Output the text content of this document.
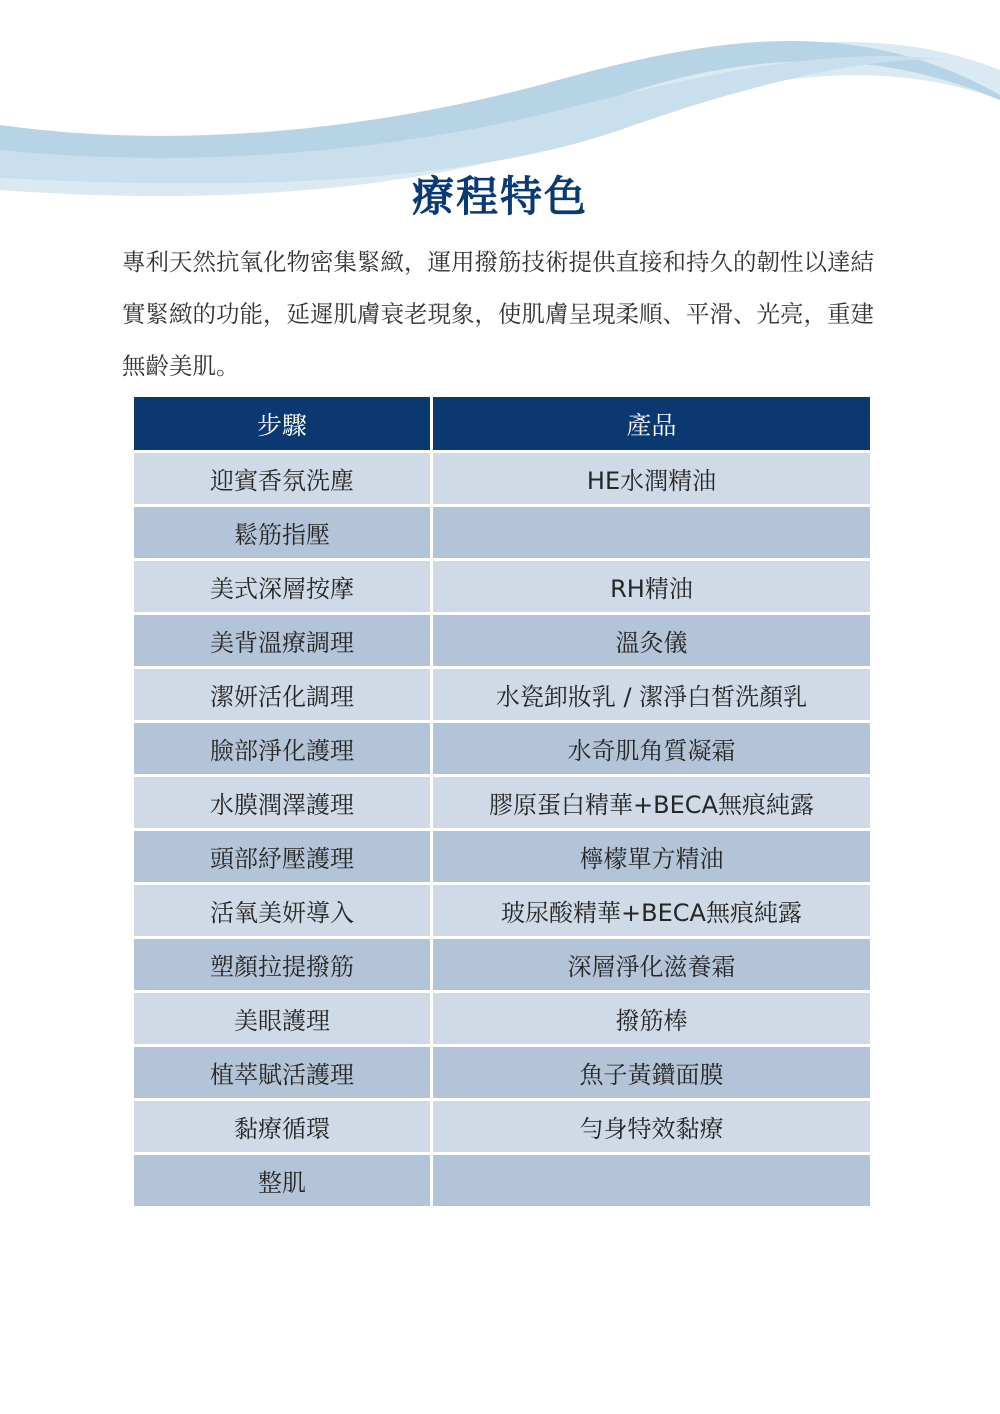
療程特色

專利天然抗氧化物密集緊緻，運用撥筋技術提供直接和持久的韌性以達結實緊緻的功能，延遲肌膚衰老現象，使肌膚呈現柔順、平滑、光亮，重建無齡美肌。

步驟	產品
迎賓香氛洗塵	HE水潤精油
鬆筋指壓	
美式深層按摩	RH精油
美背溫療調理	溫灸儀
潔妍活化調理	水瓷卸妝乳 / 潔淨白皙洗顏乳
臉部淨化護理	水奇肌角質凝霜
水膜潤澤護理	膠原蛋白精華+BECA無痕純露
頭部紓壓護理	檸檬單方精油
活氧美妍導入	玻尿酸精華+BECA無痕純露
塑顏拉提撥筋	深層淨化滋養霜
美眼護理	撥筋棒
植萃賦活護理	魚子黃鑽面膜
黏療循環	勻身特效黏療
整肌	
